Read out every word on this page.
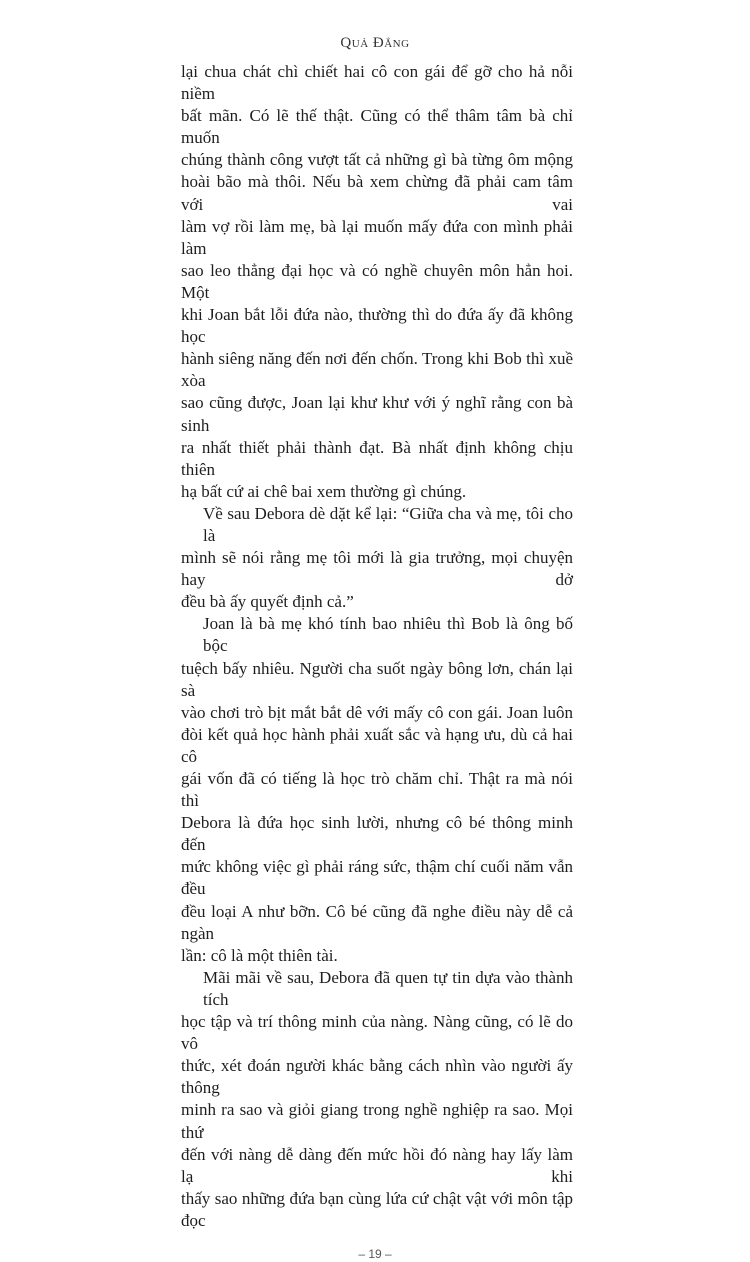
Quả Đắng
lại chua chát chì chiết hai cô con gái để gỡ cho hả nỗi niềm
bất mãn. Có lẽ thế thật. Cũng có thể thâm tâm bà chỉ muốn
chúng thành công vượt tất cả những gì bà từng ôm mộng
hoài bão mà thôi. Nếu bà xem chừng đã phải cam tâm với vai
làm vợ rồi làm mẹ, bà lại muốn mấy đứa con mình phải làm
sao leo thẳng đại học và có nghề chuyên môn hẳn hoi. Một
khi Joan bắt lỗi đứa nào, thường thì do đứa ấy đã không học
hành siêng năng đến nơi đến chốn. Trong khi Bob thì xuề xòa
sao cũng được, Joan lại khư khư với ý nghĩ rằng con bà sinh
ra nhất thiết phải thành đạt. Bà nhất định không chịu thiên
hạ bất cứ ai chê bai xem thường gì chúng.
Về sau Debora dè dặt kể lại: “Giữa cha và mẹ, tôi cho là
mình sẽ nói rằng mẹ tôi mới là gia trưởng, mọi chuyện hay dở
đều bà ấy quyết định cả.”
Joan là bà mẹ khó tính bao nhiêu thì Bob là ông bố bộc
tuệch bấy nhiêu. Người cha suốt ngày bông lơn, chán lại sà
vào chơi trò bịt mắt bắt dê với mấy cô con gái. Joan luôn
đòi kết quả học hành phải xuất sắc và hạng ưu, dù cả hai cô
gái vốn đã có tiếng là học trò chăm chỉ. Thật ra mà nói thì
Debora là đứa học sinh lười, nhưng cô bé thông minh đến
mức không việc gì phải ráng sức, thậm chí cuối năm vẫn đều
đều loại A như bỡn. Cô bé cũng đã nghe điều này dễ cả ngàn
lần: cô là một thiên tài.
Mãi mãi về sau, Debora đã quen tự tin dựa vào thành tích
học tập và trí thông minh của nàng. Nàng cũng, có lẽ do vô
thức, xét đoán người khác bằng cách nhìn vào người ấy thông
minh ra sao và giỏi giang trong nghề nghiệp ra sao. Mọi thứ
đến với nàng dễ dàng đến mức hồi đó nàng hay lấy làm lạ khi
thấy sao những đứa bạn cùng lứa cứ chật vật với môn tập đọc
– 19 –
